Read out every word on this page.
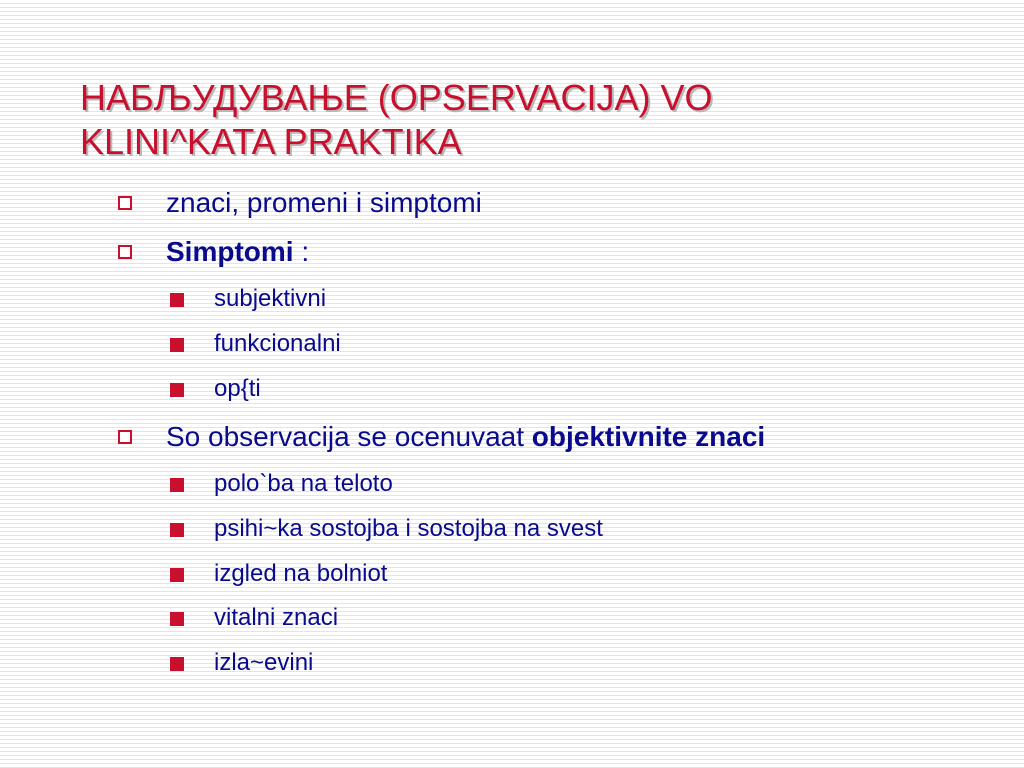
НАБЉУДУВАЊЕ (OPSERVACIJA) VO
KLINI^KATA PRAKTIKA
znaci, promeni i simptomi
Simptomi :
subjektivni
funkcionalni
op{ti
So observacija se ocenuvaat objektivnite znaci
polo`ba na teloto
psihi~ka sostojba i sostojba na svest
izgled na bolniot
vitalni znaci
izla~evini
